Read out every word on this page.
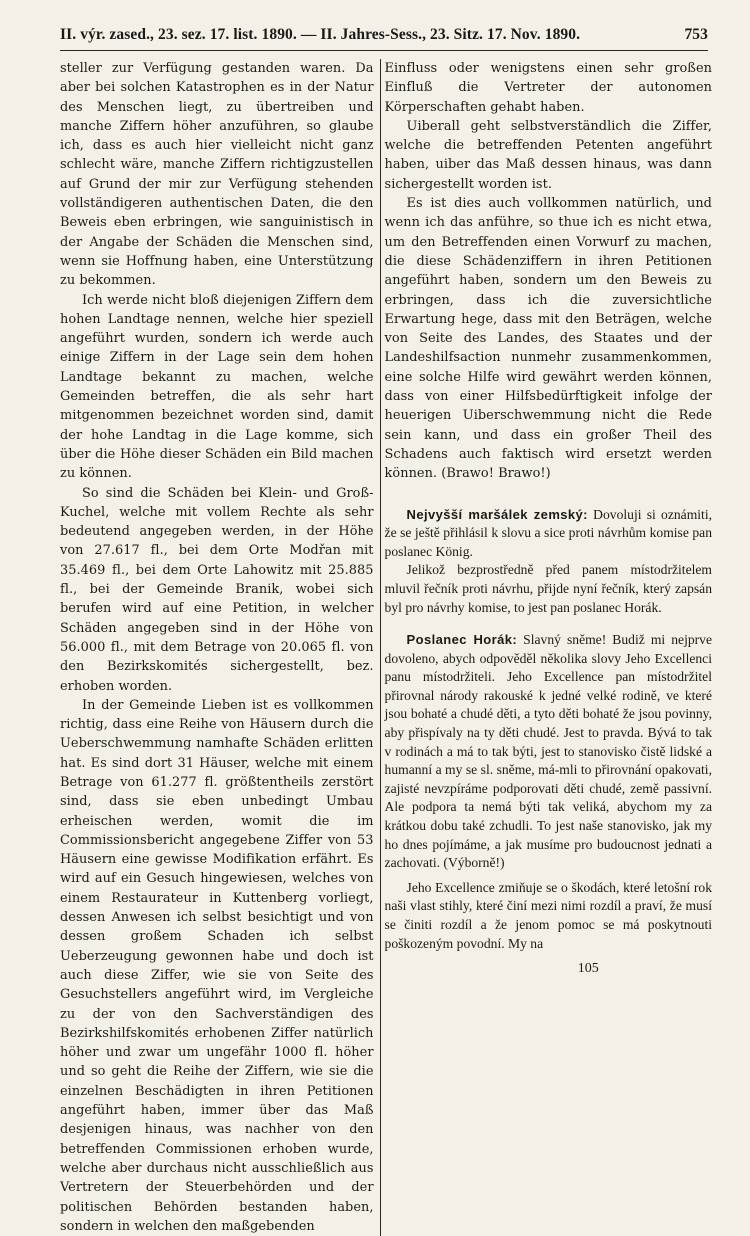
II. výr. zased., 23. sez. 17. list. 1890. — II. Jahres-Sess., 23. Sitz. 17. Nov. 1890.	753

steller zur Verfügung gestanden waren. Da aber bei solchen Katastrophen es in der Natur des Menschen liegt, zu übertreiben und manche Ziffern höher anzuführen, so glaube ich, dass es auch hier vielleicht nicht ganz schlecht wäre, manche Ziffern richtigzustellen auf Grund der mir zur Verfügung stehenden vollständigeren authentischen Daten, die den Beweis eben erbringen, wie sanguinistisch in der Angabe der Schäden die Menschen sind, wenn sie Hoffnung haben, eine Unterstützung zu bekommen.

Ich werde nicht bloß diejenigen Ziffern dem hohen Landtage nennen, welche hier speziell angeführt wurden, sondern ich werde auch einige Ziffern in der Lage sein dem hohen Landtage bekannt zu machen, welche Gemeinden betreffen, die als sehr hart mitgenommen bezeichnet worden sind, damit der hohe Landtag in die Lage komme, sich über die Höhe dieser Schäden ein Bild machen zu können.

So sind die Schäden bei Klein- und Groß-Kuchel, welche mit vollem Rechte als sehr bedeutend angegeben werden, in der Höhe von 27.617 fl., bei dem Orte Modřan mit 35.469 fl., bei dem Orte Lahowitz mit 25.885 fl., bei der Gemeinde Branik, wobei sich berufen wird auf eine Petition, in welcher Schäden angegeben sind in der Höhe von 56.000 fl., mit dem Betrage von 20.065 fl. von den Bezirkskomités sichergestellt, bez. erhoben worden.

In der Gemeinde Lieben ist es vollkommen richtig, dass eine Reihe von Häusern durch die Ueberschwemmung namhafte Schäden erlitten hat. Es sind dort 31 Häuser, welche mit einem Betrage von 61.277 fl. größtentheils zerstört sind, dass sie eben unbedingt Umbau erheischen werden, womit die im Commissionsbericht angegebene Ziffer von 53 Häusern eine gewisse Modifikation erfährt. Es wird auf ein Gesuch hingewiesen, welches von einem Restaurateur in Kuttenberg vorliegt, dessen Anwesen ich selbst besichtigt und von dessen großem Schaden ich selbst Ueberzeugung gewonnen habe und doch ist auch diese Ziffer, wie sie von Seite des Gesuchstellers angeführt wird, im Vergleiche zu der von den Sachverständigen des Bezirkshilfskomités erhobenen Ziffer natürlich höher und zwar um ungefähr 1000 fl. höher und so geht die Reihe der Ziffern, wie sie die einzelnen Beschädigten in ihren Petitionen angeführt haben, immer über das Maß desjenigen hinaus, was nachher von den betreffenden Commissionen erhoben wurde, welche aber durchaus nicht ausschließlich aus Vertretern der Steuerbehörden und der politischen Behörden bestanden haben, sondern in welchen den maßgebenden

Einfluss oder wenigstens einen sehr großen Einfluß die Vertreter der autonomen Körperschaften gehabt haben.

Uiberall geht selbstverständlich die Ziffer, welche die betreffenden Petenten angeführt haben, uiber das Maß dessen hinaus, was dann sichergestellt worden ist.

Es ist dies auch vollkommen natürlich, und wenn ich das anführe, so thue ich es nicht etwa, um den Betreffenden einen Vorwurf zu machen, die diese Schädenziffern in ihren Petitionen angeführt haben, sondern um den Beweis zu erbringen, dass ich die zuversichtliche Erwartung hege, dass mit den Beträgen, welche von Seite des Landes, des Staates und der Landeshilfsaction nunmehr zusammenkommen, eine solche Hilfe wird gewährt werden können, dass von einer Hilfsbedürftigkeit infolge der heuerigen Uiberschwemmung nicht die Rede sein kann, und dass ein großer Theil des Schadens auch faktisch wird ersetzt werden können. (Brawo! Brawo!)

Nejvyšší maršálek zemský: Dovoluji si oznámiti, že se ještě přihlásil k slovu a sice proti návrhům komise pan poslanec König.

Jelikož bezprostředně před panem místodržitelem mluvil řečník proti návrhu, přijde nyní řečník, který zapsán byl pro návrhy komise, to jest pan poslanec Horák.

Poslanec Horák: Slavný sněme! Budiž mi nejprve dovoleno, abych odpověděl několika slovy Jeho Excellenci panu místodržiteli. Jeho Excellence pan místodržitel přirovnal národy rakouské k jedné velké rodině, ve které jsou bohaté a chudé děti, a tyto děti bohaté že jsou povinny, aby přispívaly na ty děti chudé. Jest to pravda. Bývá to tak v rodinách a má to tak býti, jest to stanovisko čistě lidské a humanní a my se sl. sněme, má-mli to přirovnání opakovati, zajisté nevzpíráme podporovati děti chudé, země passivní. Ale podpora ta nemá býti tak veliká, abychom my za krátkou dobu také zchudli. To jest naše stanovisko, jak my ho dnes pojímáme, a jak musíme pro budoucnost jednati a zachovati. (Výborně!)

Jeho Excellence zmiňuje se o škodách, které letošní rok naši vlast stihly, které činí mezi nimi rozdíl a praví, že musí se činiti rozdíl a že jenom pomoc se má poskytnouti poškozeným povodní. My na

105
